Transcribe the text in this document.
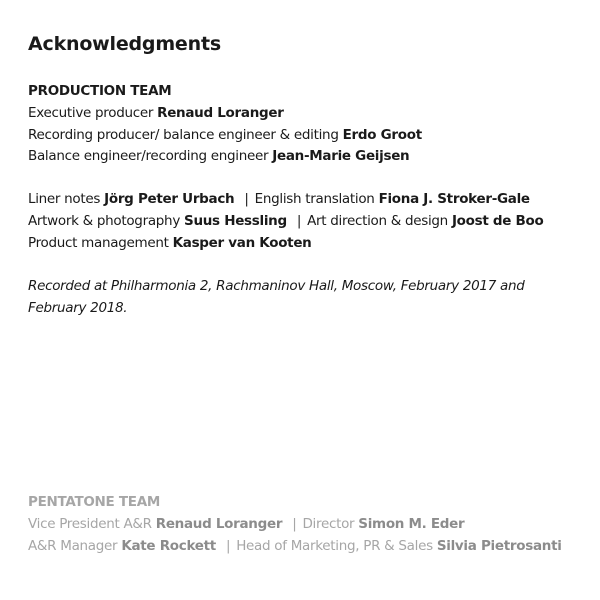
Acknowledgments
PRODUCTION TEAM
Executive producer Renaud Loranger
Recording producer/ balance engineer & editing Erdo Groot
Balance engineer/recording engineer Jean-Marie Geijsen
Liner notes Jörg Peter Urbach | English translation Fiona J. Stroker-Gale
Artwork & photography Suus Hessling | Art direction & design Joost de Boo
Product management Kasper van Kooten
Recorded at Philharmonia 2, Rachmaninov Hall, Moscow, February 2017 and February 2018.
PENTATONE TEAM
Vice President A&R Renaud Loranger | Director Simon M. Eder
A&R Manager Kate Rockett | Head of Marketing, PR & Sales Silvia Pietrosanti
